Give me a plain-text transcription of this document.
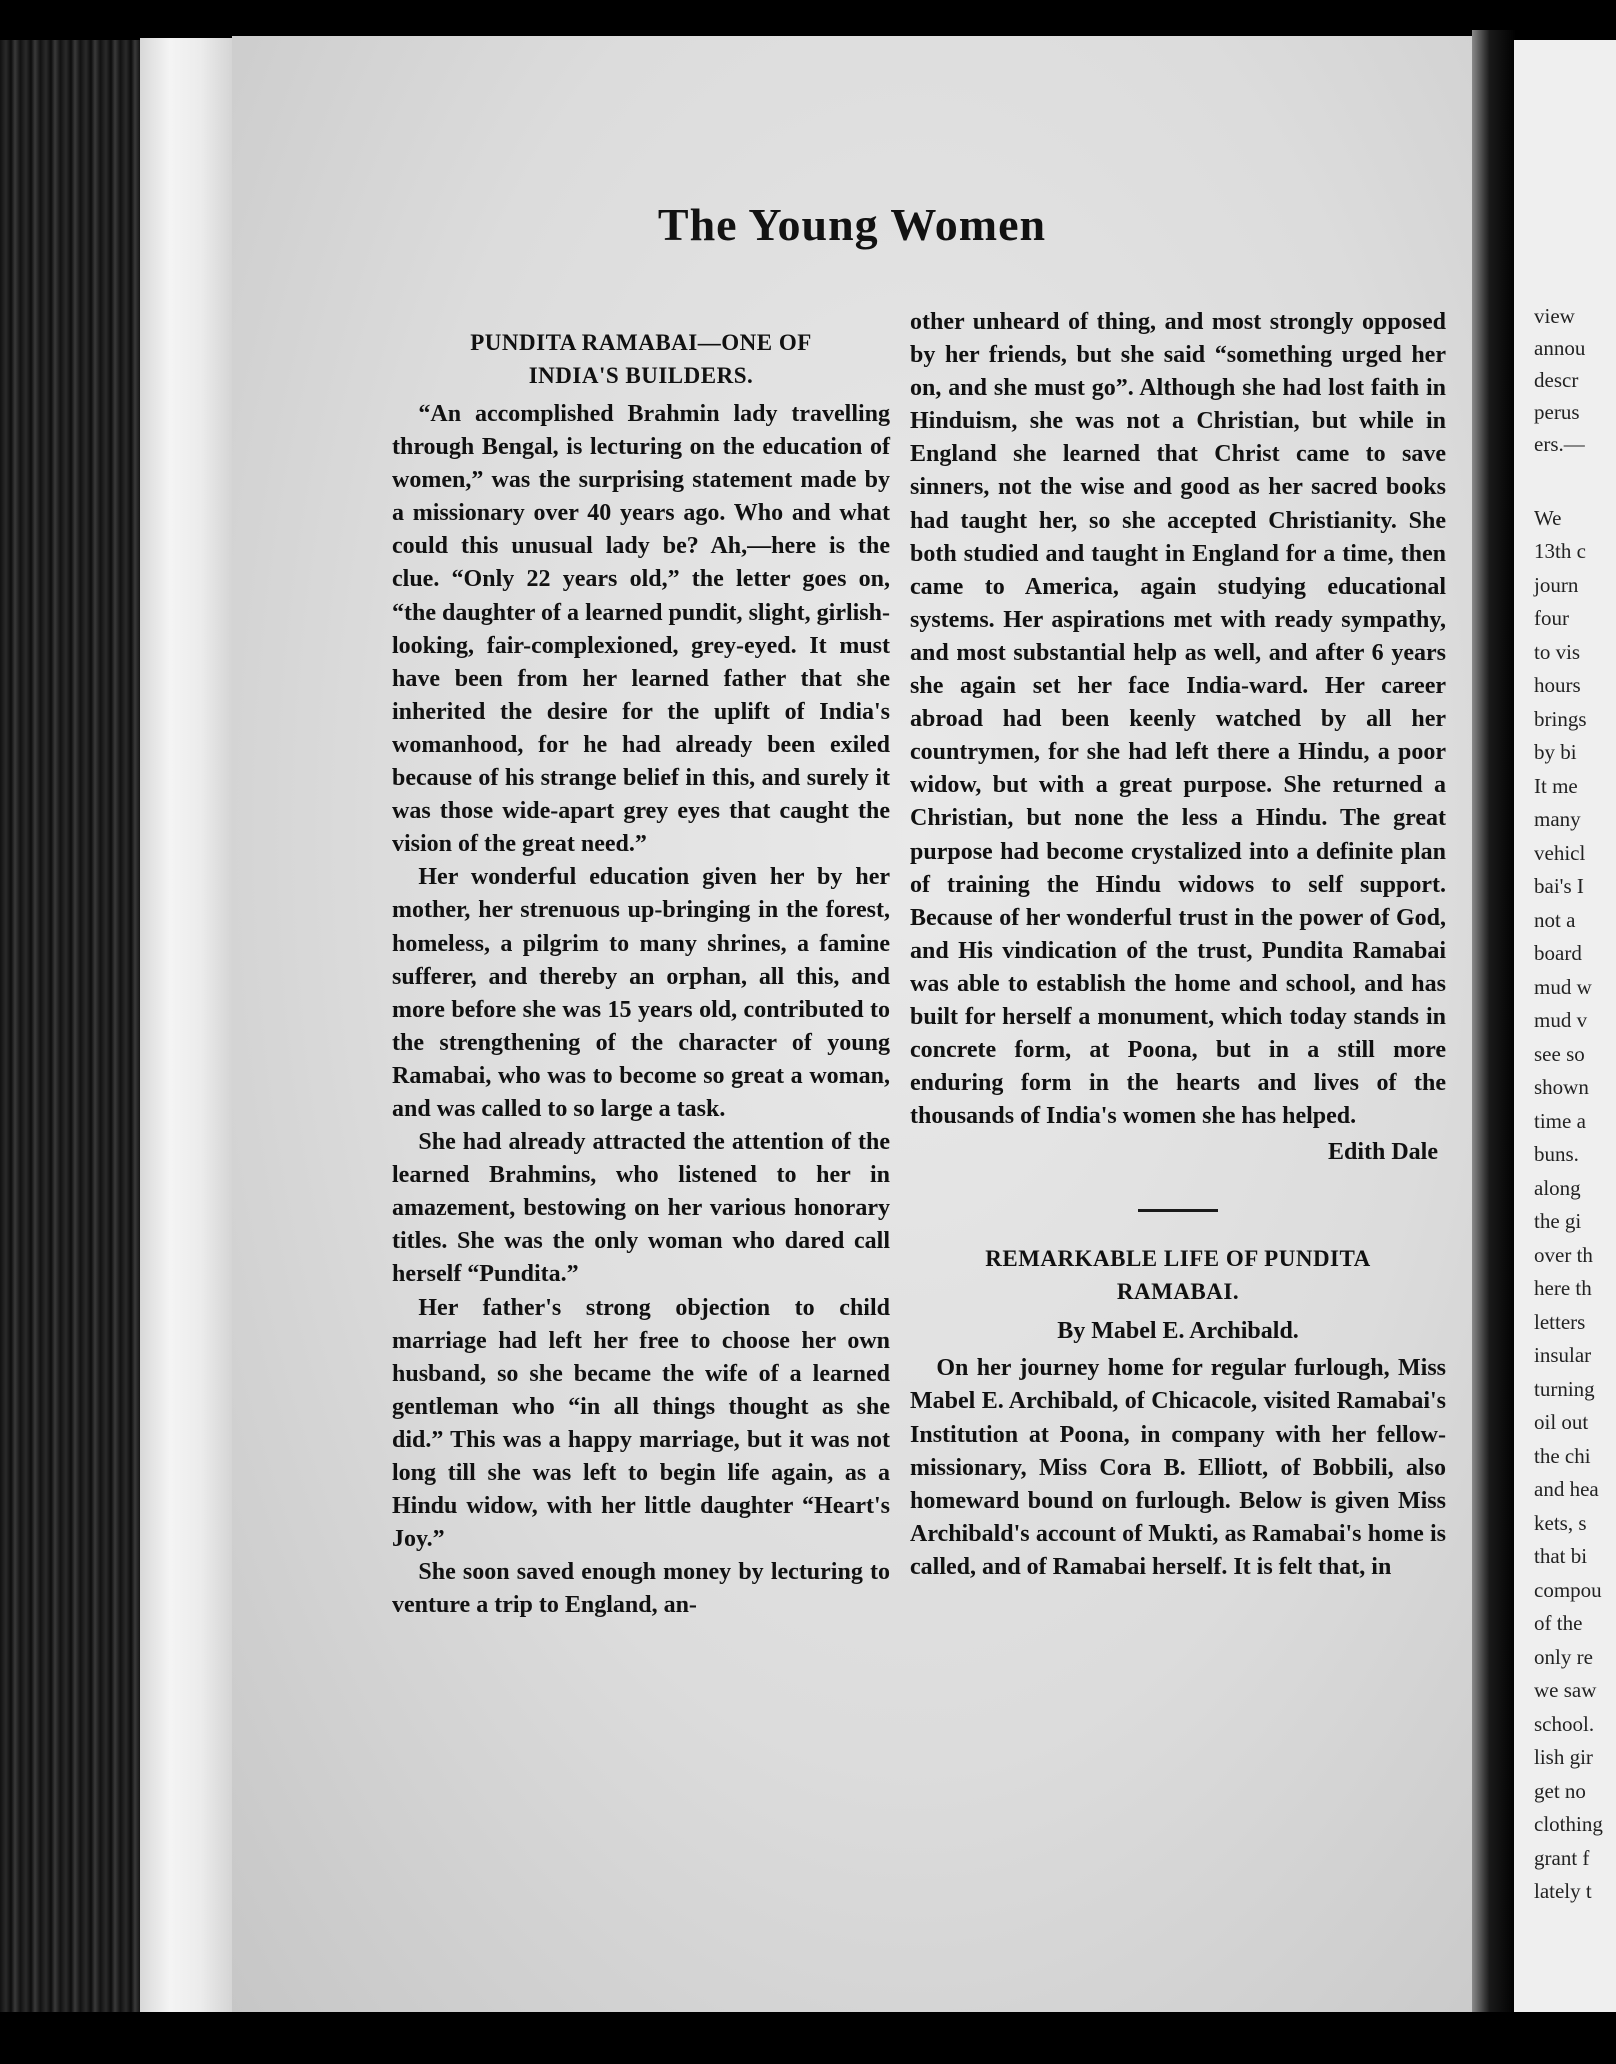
The Young Women
PUNDITA RAMABAI—ONE OF
INDIA'S BUILDERS.

“An accomplished Brahmin lady travelling through Bengal, is lecturing on the education of women,” was the surprising statement made by a missionary over 40 years ago. Who and what could this unusual lady be? Ah,—here is the clue. “Only 22 years old,” the letter goes on, “the daughter of a learned pundit, slight, girlish-looking, fair-complexioned, grey-eyed. It must have been from her learned father that she inherited the desire for the uplift of India's womanhood, for he had already been exiled because of his strange belief in this, and surely it was those wide-apart grey eyes that caught the vision of the great need.”

Her wonderful education given her by her mother, her strenuous up-bringing in the forest, homeless, a pilgrim to many shrines, a famine sufferer, and thereby an orphan, all this, and more before she was 15 years old, contributed to the strengthening of the character of young Ramabai, who was to become so great a woman, and was called to so large a task.

She had already attracted the attention of the learned Brahmins, who listened to her in amazement, bestowing on her various honorary titles. She was the only woman who dared call herself “Pundita.”

Her father's strong objection to child marriage had left her free to choose her own husband, so she became the wife of a learned gentleman who “in all things thought as she did.” This was a happy marriage, but it was not long till she was left to begin life again, as a Hindu widow, with her little daughter “Heart's Joy.”

She soon saved enough money by lecturing to venture a trip to England, an-

other unheard of thing, and most strongly opposed by her friends, but she said “something urged her on, and she must go”. Although she had lost faith in Hinduism, she was not a Christian, but while in England she learned that Christ came to save sinners, not the wise and good as her sacred books had taught her, so she accepted Christianity. She both studied and taught in England for a time, then came to America, again studying educational systems. Her aspirations met with ready sympathy, and most substantial help as well, and after 6 years she again set her face India-ward. Her career abroad had been keenly watched by all her countrymen, for she had left there a Hindu, a poor widow, but with a great purpose. She returned a Christian, but none the less a Hindu. The great purpose had become crystalized into a definite plan of training the Hindu widows to self support. Because of her wonderful trust in the power of God, and His vindication of the trust, Pundita Ramabai was able to establish the home and school, and has built for herself a monument, which today stands in concrete form, at Poona, but in a still more enduring form in the hearts and lives of the thousands of India's women she has helped.

Edith Dale
REMARKABLE LIFE OF PUNDITA
RAMABAI.
By Mabel E. Archibald.

On her journey home for regular furlough, Miss Mabel E. Archibald, of Chicacole, visited Ramabai's Institution at Poona, in company with her fellow-missionary, Miss Cora B. Elliott, of Bobbili, also homeward bound on furlough. Below is given Miss Archibald's account of Mukti, as Ramabai's home is called, and of Ramabai herself. It is felt that, in

view
annou
descr
perus
ers.—
We
13th c
journ
four
to vis
hours
brings
by bi
It me
many
vehicl
bai's I
not a
board
mud w
mud v
see so
shown
time a
buns.
along
the gi
over th
here th
letters
insular
turning
oil out
the chi
and hea
kets, s
that bi
compou
of the
only re
we saw
school.
lish gir
get no
clothing
grant f
lately t
